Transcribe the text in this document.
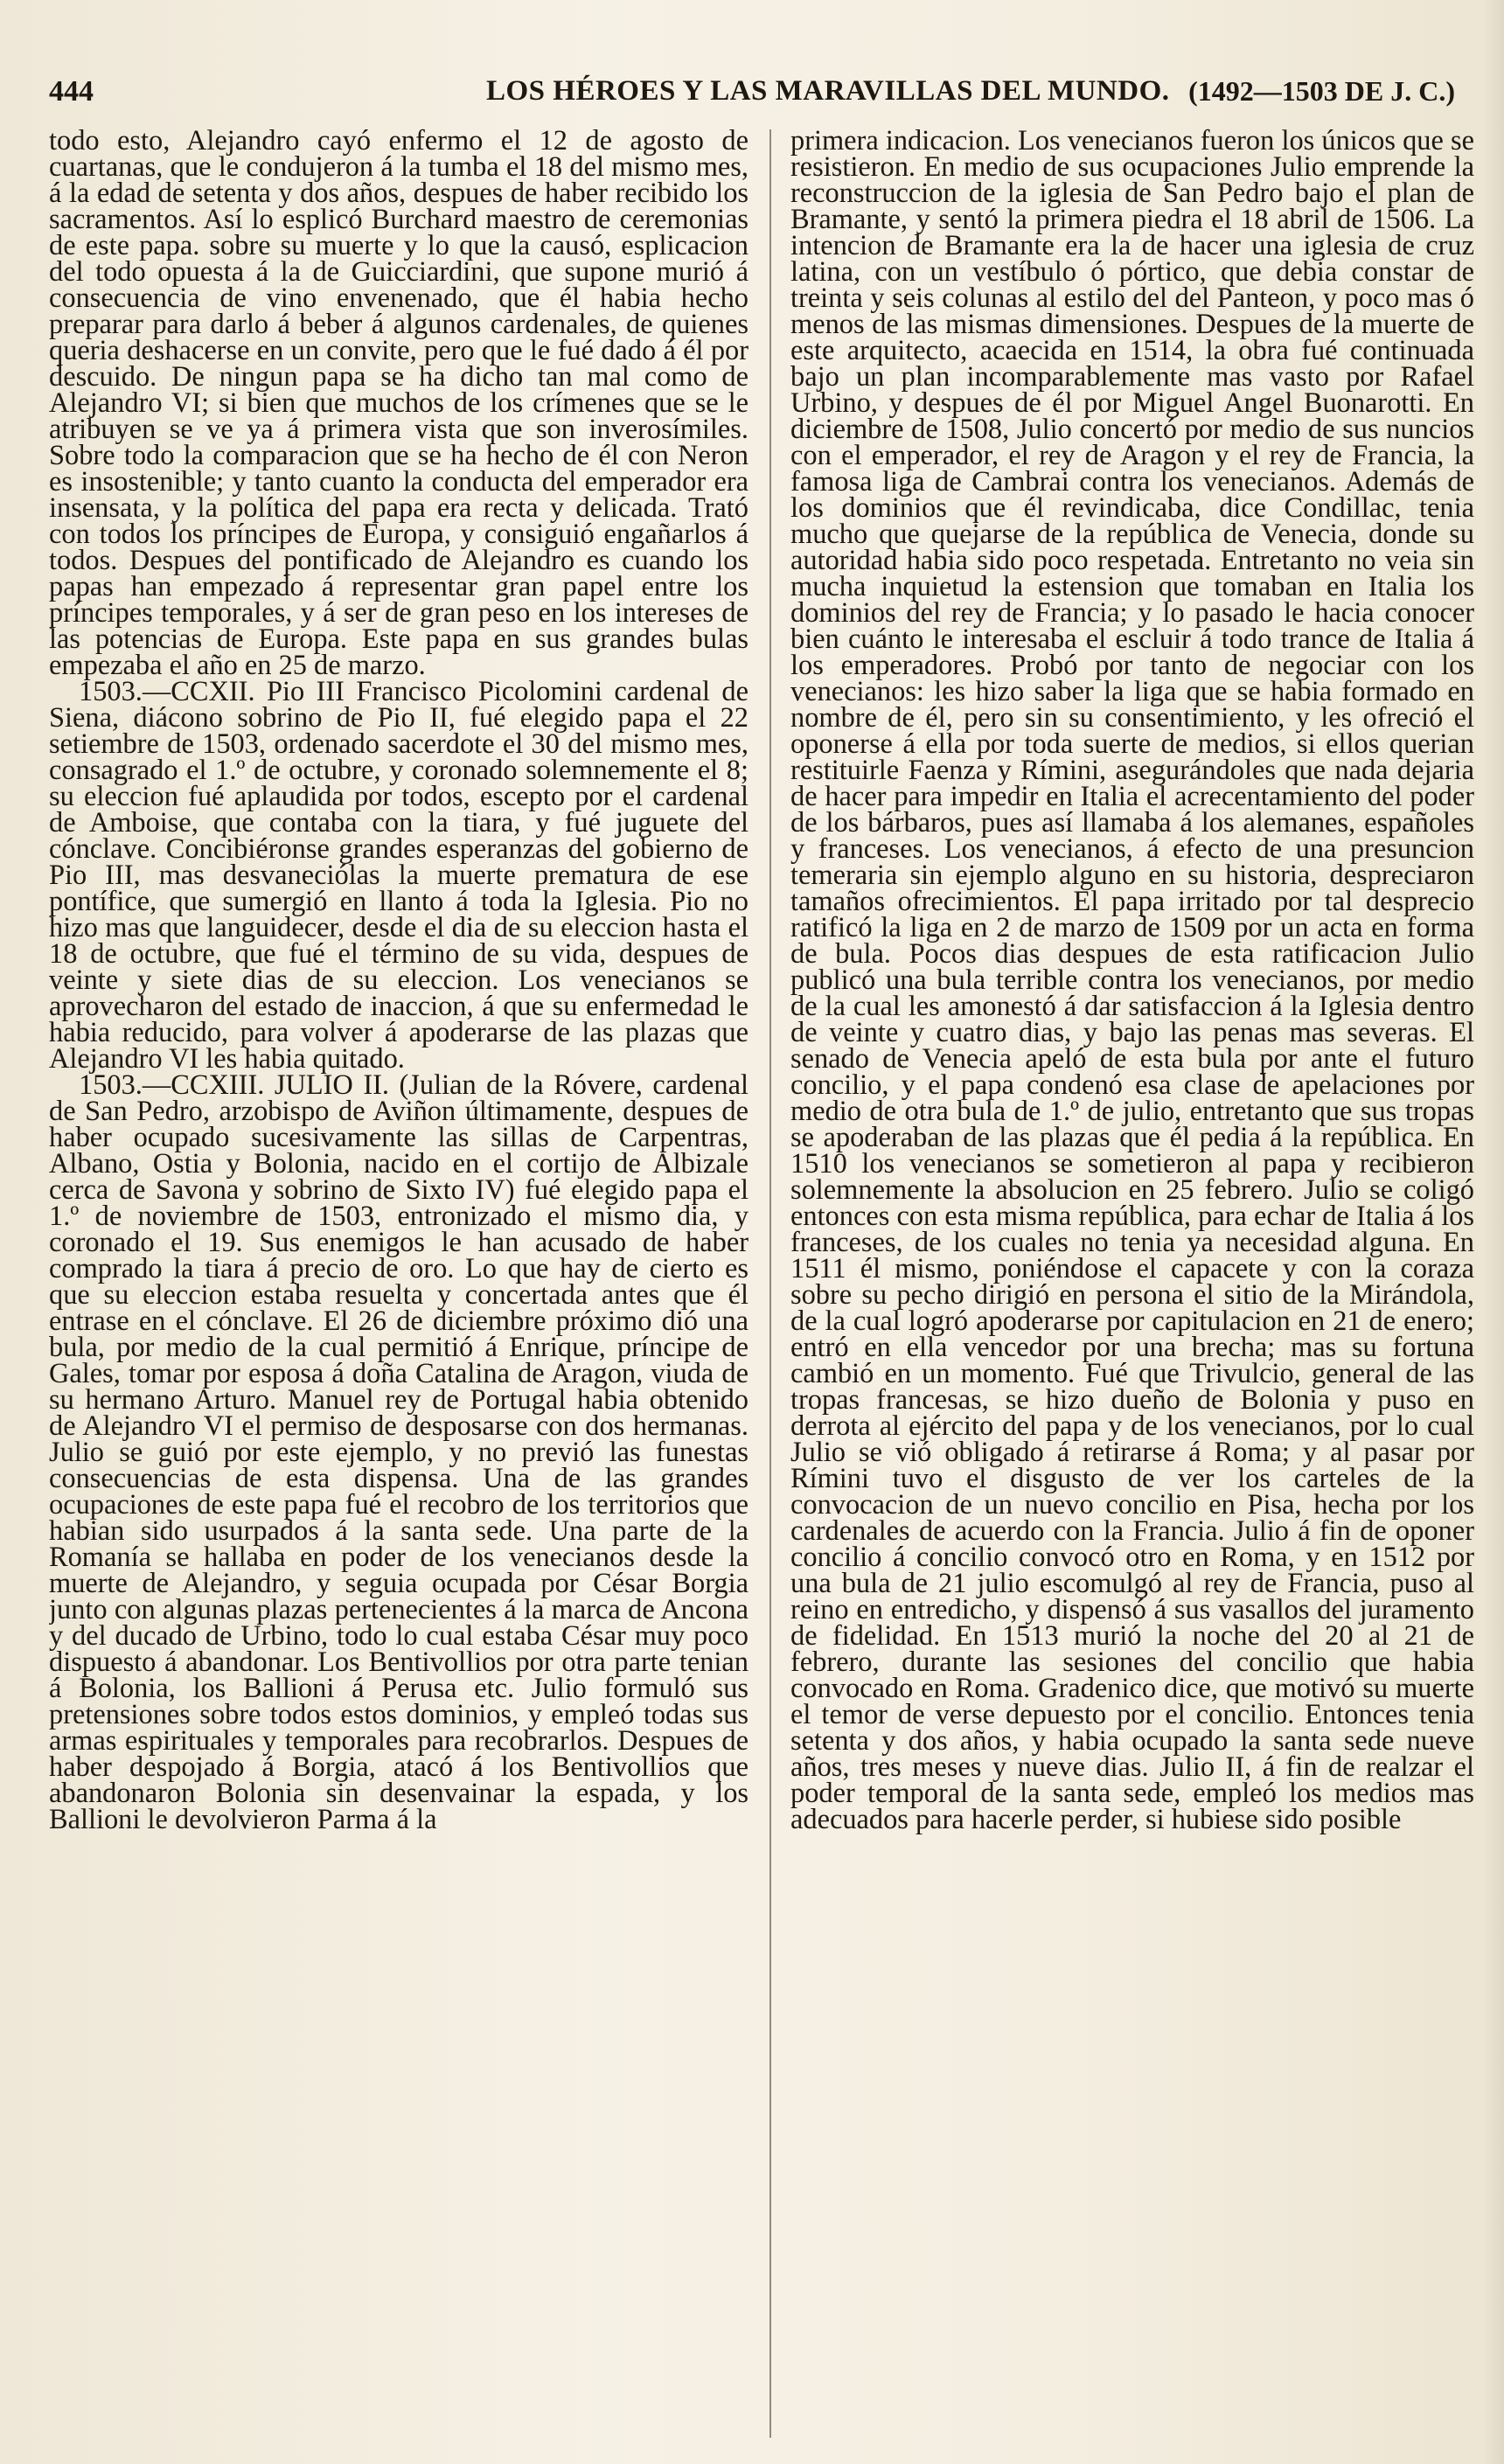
444	LOS HÉROES Y LAS MARAVILLAS DEL MUNDO. (1492—1503 DE J. C.)

todo esto, Alejandro cayó enfermo el 12 de agosto de cuartanas, que le condujeron á la tumba el 18 del mismo mes, á la edad de setenta y dos años, despues de haber recibido los sacramentos. Así lo esplicó Burchard maestro de ceremonias de este papa. sobre su muerte y lo que la causó, esplicacion del todo opuesta á la de Guicciardini, que supone murió á consecuencia de vino envenenado, que él habia hecho preparar para darlo á beber á algunos cardenales, de quienes queria deshacerse en un convite, pero que le fué dado á él por descuido. De ningun papa se ha dicho tan mal como de Alejandro VI; si bien que muchos de los crímenes que se le atribuyen se ve ya á primera vista que son inverosímiles. Sobre todo la comparacion que se ha hecho de él con Neron es insostenible; y tanto cuanto la conducta del emperador era insensata, y la política del papa era recta y delicada. Trató con todos los príncipes de Europa, y consiguió engañarlos á todos. Despues del pontificado de Alejandro es cuando los papas han empezado á representar gran papel entre los príncipes temporales, y á ser de gran peso en los intereses de las potencias de Europa. Este papa en sus grandes bulas empezaba el año en 25 de marzo.

1503.—CCXII. Pio III Francisco Picolomini cardenal de Siena, diácono sobrino de Pio II, fué elegido papa el 22 setiembre de 1503, ordenado sacerdote el 30 del mismo mes, consagrado el 1.º de octubre, y coronado solemnemente el 8; su eleccion fué aplaudida por todos, escepto por el cardenal de Amboise, que contaba con la tiara, y fué juguete del cónclave. Concibiéronse grandes esperanzas del gobierno de Pio III, mas desvaneciólas la muerte prematura de ese pontífice, que sumergió en llanto á toda la Iglesia. Pio no hizo mas que languidecer, desde el dia de su eleccion hasta el 18 de octubre, que fué el término de su vida, despues de veinte y siete dias de su eleccion. Los venecianos se aprovecharon del estado de inaccion, á que su enfermedad le habia reducido, para volver á apoderarse de las plazas que Alejandro VI les habia quitado.

1503.—CCXIII. JULIO II. (Julian de la Róvere, cardenal de San Pedro, arzobispo de Aviñon últimamente, despues de haber ocupado sucesivamente las sillas de Carpentras, Albano, Ostia y Bolonia, nacido en el cortijo de Albizale cerca de Savona y sobrino de Sixto IV) fué elegido papa el 1.º de noviembre de 1503, entronizado el mismo dia, y coronado el 19. Sus enemigos le han acusado de haber comprado la tiara á precio de oro. Lo que hay de cierto es que su eleccion estaba resuelta y concertada antes que él entrase en el cónclave. El 26 de diciembre próximo dió una bula, por medio de la cual permitió á Enrique, príncipe de Gales, tomar por esposa á doña Catalina de Aragon, viuda de su hermano Arturo. Manuel rey de Portugal habia obtenido de Alejandro VI el permiso de desposarse con dos hermanas. Julio se guió por este ejemplo, y no previó las funestas consecuencias de esta dispensa. Una de las grandes ocupaciones de este papa fué el recobro de los territorios que habian sido usurpados á la santa sede. Una parte de la Romanía se hallaba en poder de los venecianos desde la muerte de Alejandro, y seguia ocupada por César Borgia junto con algunas plazas pertenecientes á la marca de Ancona y del ducado de Urbino, todo lo cual estaba César muy poco dispuesto á abandonar. Los Bentivollios por otra parte tenian á Bolonia, los Ballioni á Perusa etc. Julio formuló sus pretensiones sobre todos estos dominios, y empleó todas sus armas espirituales y temporales para recobrarlos. Despues de haber despojado á Borgia, atacó á los Bentivollios que abandonaron Bolonia sin desenvainar la espada, y los Ballioni le devolvieron Parma á la

primera indicacion. Los venecianos fueron los únicos que se resistieron. En medio de sus ocupaciones Julio emprende la reconstruccion de la iglesia de San Pedro bajo el plan de Bramante, y sentó la primera piedra el 18 abril de 1506. La intencion de Bramante era la de hacer una iglesia de cruz latina, con un vestíbulo ó pórtico, que debia constar de treinta y seis colunas al estilo del del Panteon, y poco mas ó menos de las mismas dimensiones. Despues de la muerte de este arquitecto, acaecida en 1514, la obra fué continuada bajo un plan incomparablemente mas vasto por Rafael Urbino, y despues de él por Miguel Angel Buonarotti. En diciembre de 1508, Julio concertó por medio de sus nuncios con el emperador, el rey de Aragon y el rey de Francia, la famosa liga de Cambrai contra los venecianos. Además de los dominios que él revindicaba, dice Condillac, tenia mucho que quejarse de la república de Venecia, donde su autoridad habia sido poco respetada. Entretanto no veia sin mucha inquietud la estension que tomaban en Italia los dominios del rey de Francia; y lo pasado le hacia conocer bien cuánto le interesaba el escluir á todo trance de Italia á los emperadores. Probó por tanto de negociar con los venecianos: les hizo saber la liga que se habia formado en nombre de él, pero sin su consentimiento, y les ofreció el oponerse á ella por toda suerte de medios, si ellos querian restituirle Faenza y Rímini, asegurándoles que nada dejaria de hacer para impedir en Italia el acrecentamiento del poder de los bárbaros, pues así llamaba á los alemanes, españoles y franceses. Los venecianos, á efecto de una presuncion temeraria sin ejemplo alguno en su historia, despreciaron tamaños ofrecimientos. El papa irritado por tal desprecio ratificó la liga en 2 de marzo de 1509 por un acta en forma de bula. Pocos dias despues de esta ratificacion Julio publicó una bula terrible contra los venecianos, por medio de la cual les amonestó á dar satisfaccion á la Iglesia dentro de veinte y cuatro dias, y bajo las penas mas severas. El senado de Venecia apeló de esta bula por ante el futuro concilio, y el papa condenó esa clase de apelaciones por medio de otra bula de 1.º de julio, entretanto que sus tropas se apoderaban de las plazas que él pedia á la república. En 1510 los venecianos se sometieron al papa y recibieron solemnemente la absolucion en 25 febrero. Julio se coligó entonces con esta misma república, para echar de Italia á los franceses, de los cuales no tenia ya necesidad alguna. En 1511 él mismo, poniéndose el capacete y con la coraza sobre su pecho dirigió en persona el sitio de la Mirándola, de la cual logró apoderarse por capitulacion en 21 de enero; entró en ella vencedor por una brecha; mas su fortuna cambió en un momento. Fué que Trivulcio, general de las tropas francesas, se hizo dueño de Bolonia y puso en derrota al ejército del papa y de los venecianos, por lo cual Julio se vió obligado á retirarse á Roma; y al pasar por Rímini tuvo el disgusto de ver los carteles de la convocacion de un nuevo concilio en Pisa, hecha por los cardenales de acuerdo con la Francia. Julio á fin de oponer concilio á concilio convocó otro en Roma, y en 1512 por una bula de 21 julio escomulgó al rey de Francia, puso al reino en entredicho, y dispensó á sus vasallos del juramento de fidelidad. En 1513 murió la noche del 20 al 21 de febrero, durante las sesiones del concilio que habia convocado en Roma. Gradenico dice, que motivó su muerte el temor de verse depuesto por el concilio. Entonces tenia setenta y dos años, y habia ocupado la santa sede nueve años, tres meses y nueve dias. Julio II, á fin de realzar el poder temporal de la santa sede, empleó los medios mas adecuados para hacerle perder, si hubiese sido posible
